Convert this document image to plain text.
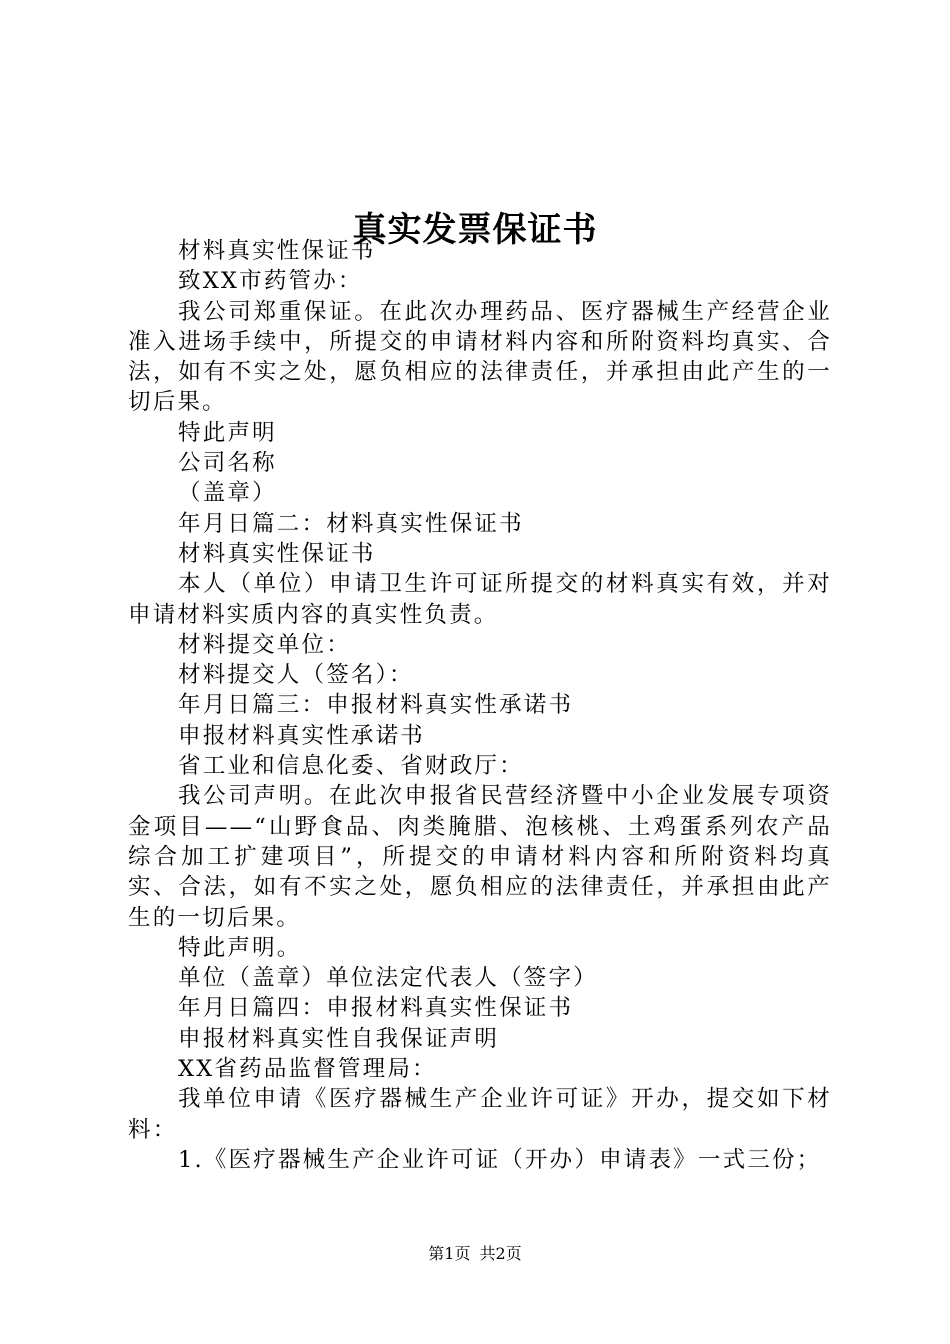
真实发票保证书

材料真实性保证书

致XX市药管办：

我公司郑重保证。在此次办理药品、医疗器械生产经营企业准入进场手续中，所提交的申请材料内容和所附资料均真实、合法，如有不实之处，愿负相应的法律责任，并承担由此产生的一切后果。

特此声明

公司名称

（盖章）

年月日篇二：材料真实性保证书

材料真实性保证书

本人（单位）申请卫生许可证所提交的材料真实有效，并对申请材料实质内容的真实性负责。

材料提交单位：

材料提交人（签名）：

年月日篇三：申报材料真实性承诺书

申报材料真实性承诺书

省工业和信息化委、省财政厅：

我公司声明。在此次申报省民营经济暨中小企业发展专项资金项目——“山野食品、肉类腌腊、泡核桃、土鸡蛋系列农产品综合加工扩建项目”，所提交的申请材料内容和所附资料均真实、合法，如有不实之处，愿负相应的法律责任，并承担由此产生的一切后果。

特此声明。

单位（盖章）单位法定代表人（签字）

年月日篇四：申报材料真实性保证书

申报材料真实性自我保证声明

XX省药品监督管理局：

我单位申请《医疗器械生产企业许可证》开办，提交如下材料：

1.《医疗器械生产企业许可证（开办）申请表》一式三份；

第1页 共2页
